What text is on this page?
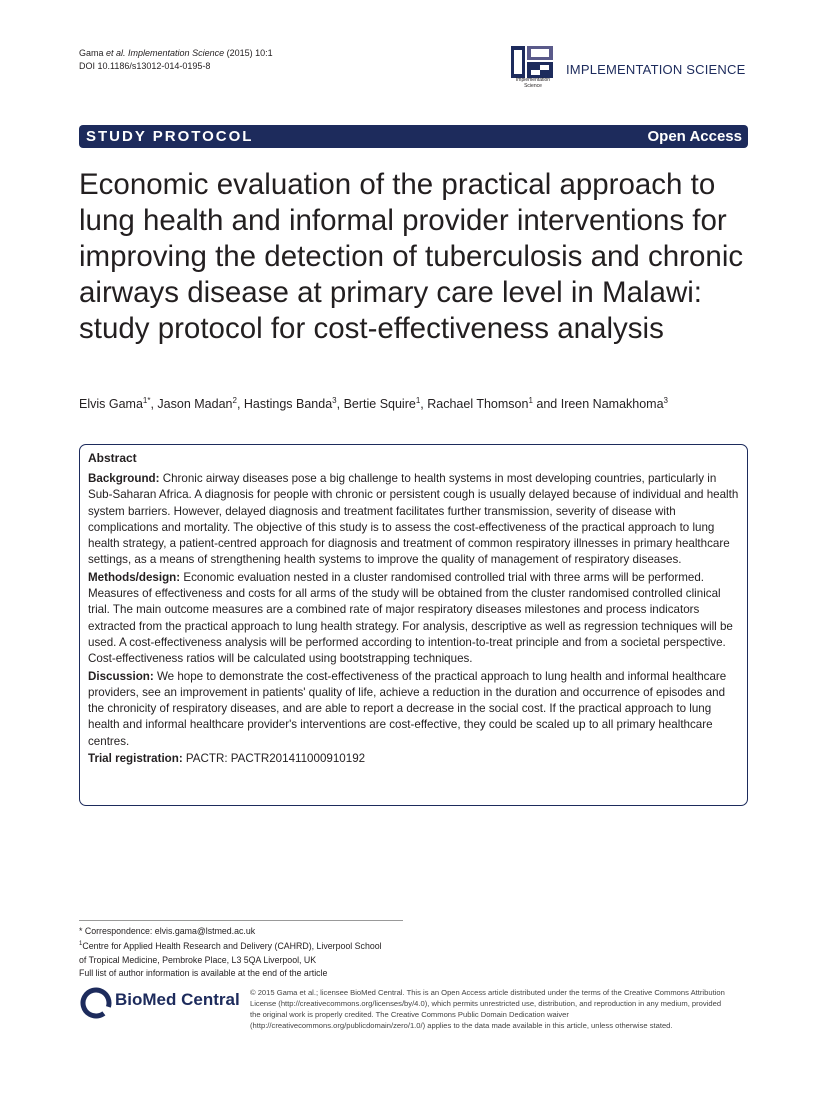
Gama et al. Implementation Science (2015) 10:1
DOI 10.1186/s13012-014-0195-8
Implementation
Science
IMPLEMENTATION SCIENCE
STUDY PROTOCOL	Open Access
Economic evaluation of the practical approach to lung health and informal provider interventions for improving the detection of tuberculosis and chronic airways disease at primary care level in Malawi: study protocol for cost-effectiveness analysis
Elvis Gama$^{1*}$, Jason Madan$^2$, Hastings Banda$^3$, Bertie Squire$^1$, Rachael Thomson$^1$ and Ireen Namakhoma$^3$
Abstract

Background: Chronic airway diseases pose a big challenge to health systems in most developing countries, particularly in Sub-Saharan Africa. A diagnosis for people with chronic or persistent cough is usually delayed because of individual and health system barriers. However, delayed diagnosis and treatment facilitates further transmission, severity of disease with complications and mortality. The objective of this study is to assess the cost-effectiveness of the practical approach to lung health strategy, a patient-centred approach for diagnosis and treatment of common respiratory illnesses in primary healthcare settings, as a means of strengthening health systems to improve the quality of management of respiratory diseases.

Methods/design: Economic evaluation nested in a cluster randomised controlled trial with three arms will be performed. Measures of effectiveness and costs for all arms of the study will be obtained from the cluster randomised controlled clinical trial. The main outcome measures are a combined rate of major respiratory diseases milestones and process indicators extracted from the practical approach to lung health strategy. For analysis, descriptive as well as regression techniques will be used. A cost-effectiveness analysis will be performed according to intention-to-treat principle and from a societal perspective. Cost-effectiveness ratios will be calculated using bootstrapping techniques.

Discussion: We hope to demonstrate the cost-effectiveness of the practical approach to lung health and informal healthcare providers, see an improvement in patients' quality of life, achieve a reduction in the duration and occurrence of episodes and the chronicity of respiratory diseases, and are able to report a decrease in the social cost. If the practical approach to lung health and informal healthcare provider's interventions are cost-effective, they could be scaled up to all primary healthcare centres.

Trial registration: PACTR: PACTR201411000910192

* Correspondence: elvis.gama@lstmed.ac.uk
$^1$Centre for Applied Health Research and Delivery (CAHRD), Liverpool School
of Tropical Medicine, Pembroke Place, L3 5QA Liverpool, UK
Full list of author information is available at the end of the article
BioMed Central © 2015 Gama et al.; licensee BioMed Central. This is an Open Access article distributed under the terms of the Creative Commons Attribution License (http://creativecommons.org/licenses/by/4.0), which permits unrestricted use, distribution, and reproduction in any medium, provided the original work is properly credited. The Creative Commons Public Domain Dedication waiver (http://creativecommons.org/publicdomain/zero/1.0/) applies to the data made available in this article, unless otherwise stated.
